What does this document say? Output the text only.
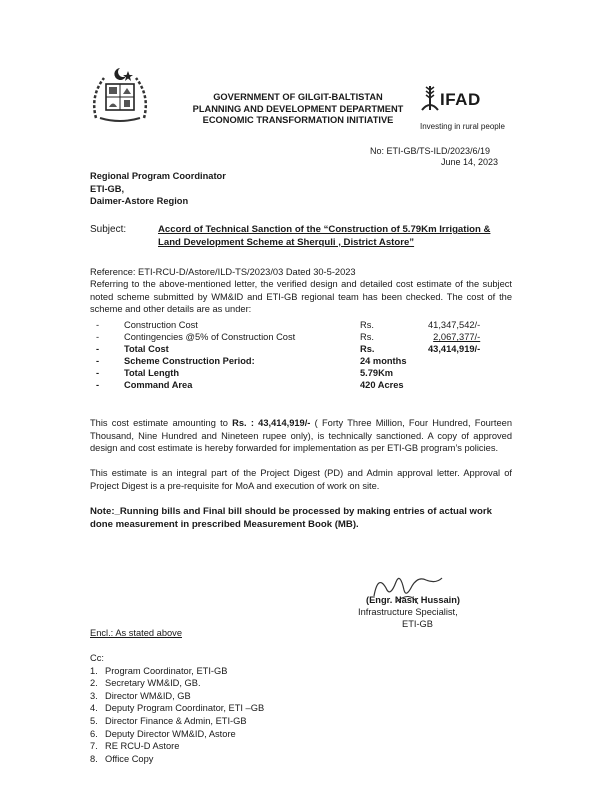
GOVERNMENT OF GILGIT-BALTISTAN
PLANNING AND DEVELOPMENT DEPARTMENT
ECONOMIC TRANSFORMATION INITIATIVE
IFAD
Investing in rural people
No: ETI-GB/TS-ILD/2023/6/19
June 14, 2023
Regional Program Coordinator
ETI-GB,
Daimer-Astore Region
Subject:	Accord of Technical Sanction of the “Construction of 5.79Km Irrigation & Land Development Scheme at Sherquli , District Astore”
Reference: ETI-RCU-D/Astore/ILD-TS/2023/03 Dated 30-5-2023
Referring to the above-mentioned letter, the verified design and detailed cost estimate of the subject noted scheme submitted by WM&ID and ETI-GB regional team has been checked. The cost of the scheme and other details are as under:
-	Construction Cost	Rs.	41,347,542/-
-	Contingencies @5% of Construction Cost	Rs.	2,067,377/-
-	Total Cost	Rs.	43,414,919/-
-	Scheme Construction Period:	24 months	
-	Total Length	5.79Km	
-	Command Area	420 Acres	
This cost estimate amounting to Rs. : 43,414,919/- ( Forty Three Million, Four Hundred, Fourteen Thousand, Nine Hundred and Nineteen rupee only), is technically sanctioned. A copy of approved design and cost estimate is hereby forwarded for implementation as per ETI-GB program’s policies.
This estimate is an integral part of the Project Digest (PD) and Admin approval letter. Approval of Project Digest is a pre-requisite for MoA and execution of work on site.
Note:_Running bills and Final bill should be processed by making entries of actual work done measurement in prescribed Measurement Book (MB).
(Engr. Nasir Hussain)
Infrastructure Specialist,
ETI-GB
Encl.: As stated above
Cc:
1. Program Coordinator, ETI-GB
2. Secretary WM&ID, GB.
3. Director WM&ID, GB
4. Deputy Program Coordinator, ETI –GB
5. Director Finance & Admin, ETI-GB
6. Deputy Director WM&ID, Astore
7. RE RCU-D Astore
8. Office Copy
